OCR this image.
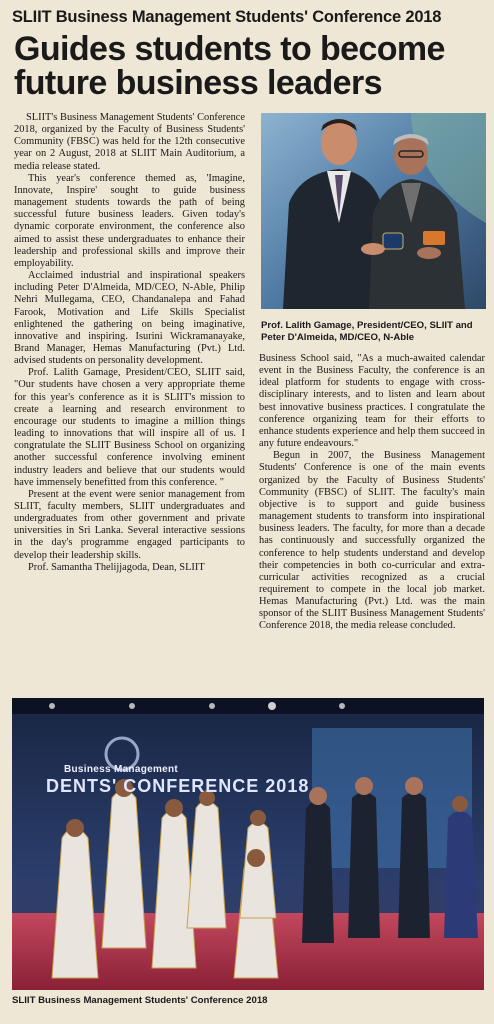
SLIIT Business Management Students' Conference 2018
Guides students to become
future business leaders

SLIIT's Business Management Students' Conference 2018, organized by the Faculty of Business Students' Community (FBSC) was held for the 12th consecutive year on 2 August, 2018 at SLIIT Main Auditorium, a media release stated.

This year's conference themed as, 'Imagine, Innovate, Inspire' sought to guide business management students towards the path of being successful future business leaders. Given today's dynamic corporate environment, the conference also aimed to assist these undergraduates to enhance their leadership and professional skills and improve their employability.

Acclaimed industrial and inspirational speakers including Peter D'Almeida, MD/CEO, N-Able, Philip Nehri Mullegama, CEO, Chandanalepa and Fahad Farook, Motivation and Life Skills Specialist enlightened the gathering on being imaginative, innovative and inspiring. Isurini Wickramanayake, Brand Manager, Hemas Manufacturing (Pvt.) Ltd. advised students on personality development.

Prof. Lalith Gamage, President/CEO, SLIIT said, "Our students have chosen a very appropriate theme for this year's conference as it is SLIIT's mission to create a learning and research environment to encourage our students to imagine a million things leading to innovations that will inspire all of us. I congratulate the SLIIT Business School on organizing another successful conference involving eminent industry leaders and believe that our students would have immensely benefitted from this conference. "

Present at the event were senior management from SLIIT, faculty members, SLIIT undergraduates and undergraduates from other government and private universities in Sri Lanka. Several interactive sessions in the day's programme engaged participants to develop their leadership skills.

Prof. Samantha Thelijjagoda, Dean, SLIIT

Prof. Lalith Gamage, President/CEO, SLIIT and Peter D'Almeida, MD/CEO, N-Able

Business School said, "As a much-awaited calendar event in the Business Faculty, the conference is an ideal platform for students to engage with cross-disciplinary interests, and to listen and learn about best innovative business practices. I congratulate the conference organizing team for their efforts to enhance students experience and help them succeed in any future endeavours."

Begun in 2007, the Business Management Students' Conference is one of the main events organized by the Faculty of Business Students' Community (FBSC) of SLIIT. The faculty's main objective is to support and guide business management students to transform into inspirational business leaders. The faculty, for more than a decade has continuously and successfully organized the conference to help students understand and develop their competencies in both co-curricular and extra-curricular activities recognized as a crucial requirement to compete in the local job market. Hemas Manufacturing (Pvt.) Ltd. was the main sponsor of the SLIIT Business Management Students' Conference 2018, the media release concluded.

Business Management
DENTS' CONFERENCE 2018
SLIIT Business Management Students' Conference 2018
